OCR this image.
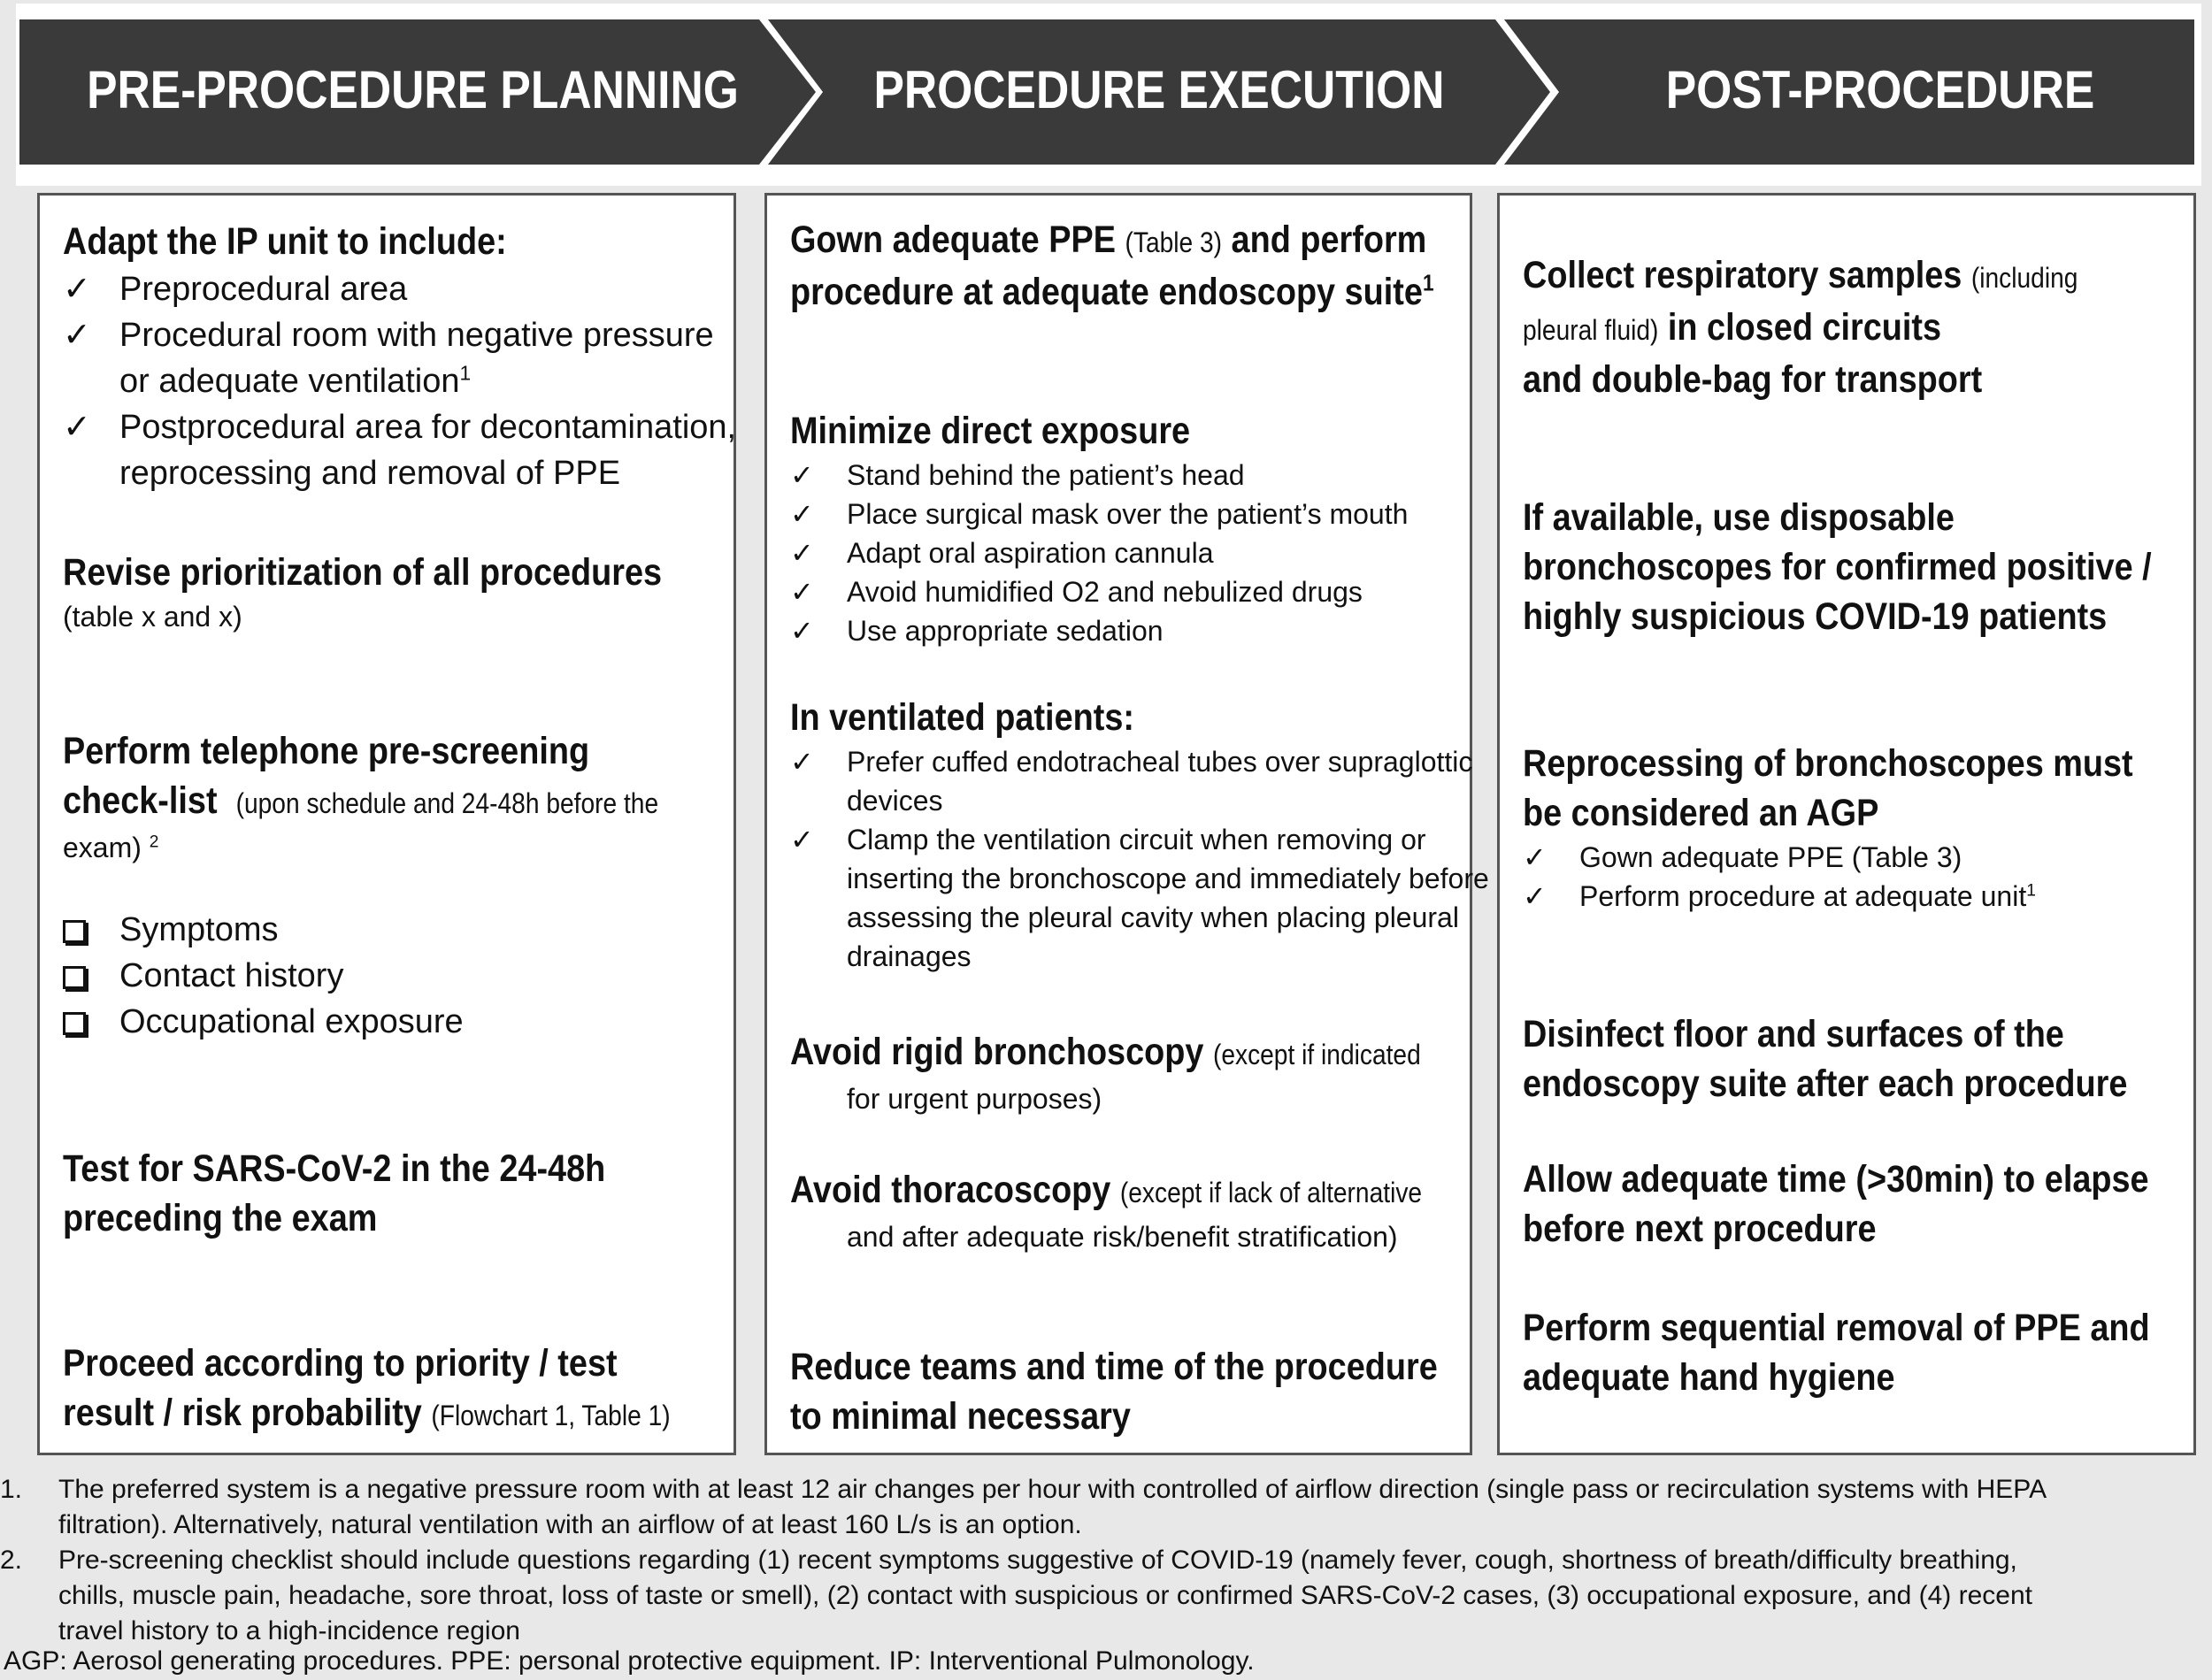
PRE-PROCEDURE PLANNING	PROCEDURE EXECUTION	POST-PROCEDURE
Adapt the IP unit to include:
✓ Preprocedural area
✓ Procedural room with negative pressure
or adequate ventilation$^1$
✓ Postprocedural area for decontamination,
reprocessing and removal of PPE
Revise prioritization of all procedures
(table x and x)
Perform telephone pre-screening
check-list (upon schedule and 24-48h before the
exam) $^2$
Symptoms
Contact history
Occupational exposure
Test for SARS-CoV-2 in the 24-48h
preceding the exam
Proceed according to priority / test
result / risk probability (Flowchart 1, Table 1)
Gown adequate PPE (Table 3) and perform
procedure at adequate endoscopy suite$^1$
Minimize direct exposure
✓ Stand behind the patient’s head
✓ Place surgical mask over the patient’s mouth
✓ Adapt oral aspiration cannula
✓ Avoid humidified O2 and nebulized drugs
✓ Use appropriate sedation
In ventilated patients:
✓ Prefer cuffed endotracheal tubes over supraglottic
devices
✓ Clamp the ventilation circuit when removing or
inserting the bronchoscope and immediately before
assessing the pleural cavity when placing pleural
drainages
Avoid rigid bronchoscopy (except if indicated
for urgent purposes)
Avoid thoracoscopy (except if lack of alternative
and after adequate risk/benefit stratification)
Reduce teams and time of the procedure
to minimal necessary
Collect respiratory samples (including
pleural fluid) in closed circuits
and double-bag for transport
If available, use disposable
bronchoscopes for confirmed positive /
highly suspicious COVID-19 patients
Reprocessing of bronchoscopes must
be considered an AGP
✓ Gown adequate PPE (Table 3)
✓ Perform procedure at adequate unit$^1$
Disinfect floor and surfaces of the
endoscopy suite after each procedure
Allow adequate time (>30min) to elapse
before next procedure
Perform sequential removal of PPE and
adequate hand hygiene
1. The preferred system is a negative pressure room with at least 12 air changes per hour with controlled of airflow direction (single pass or recirculation systems with HEPA
filtration). Alternatively, natural ventilation with an airflow of at least 160 L/s is an option.
2. Pre-screening checklist should include questions regarding (1) recent symptoms suggestive of COVID-19 (namely fever, cough, shortness of breath/difficulty breathing,
chills, muscle pain, headache, sore throat, loss of taste or smell), (2) contact with suspicious or confirmed SARS-CoV-2 cases, (3) occupational exposure, and (4) recent
travel history to a high-incidence region
AGP: Aerosol generating procedures. PPE: personal protective equipment. IP: Interventional Pulmonology.
